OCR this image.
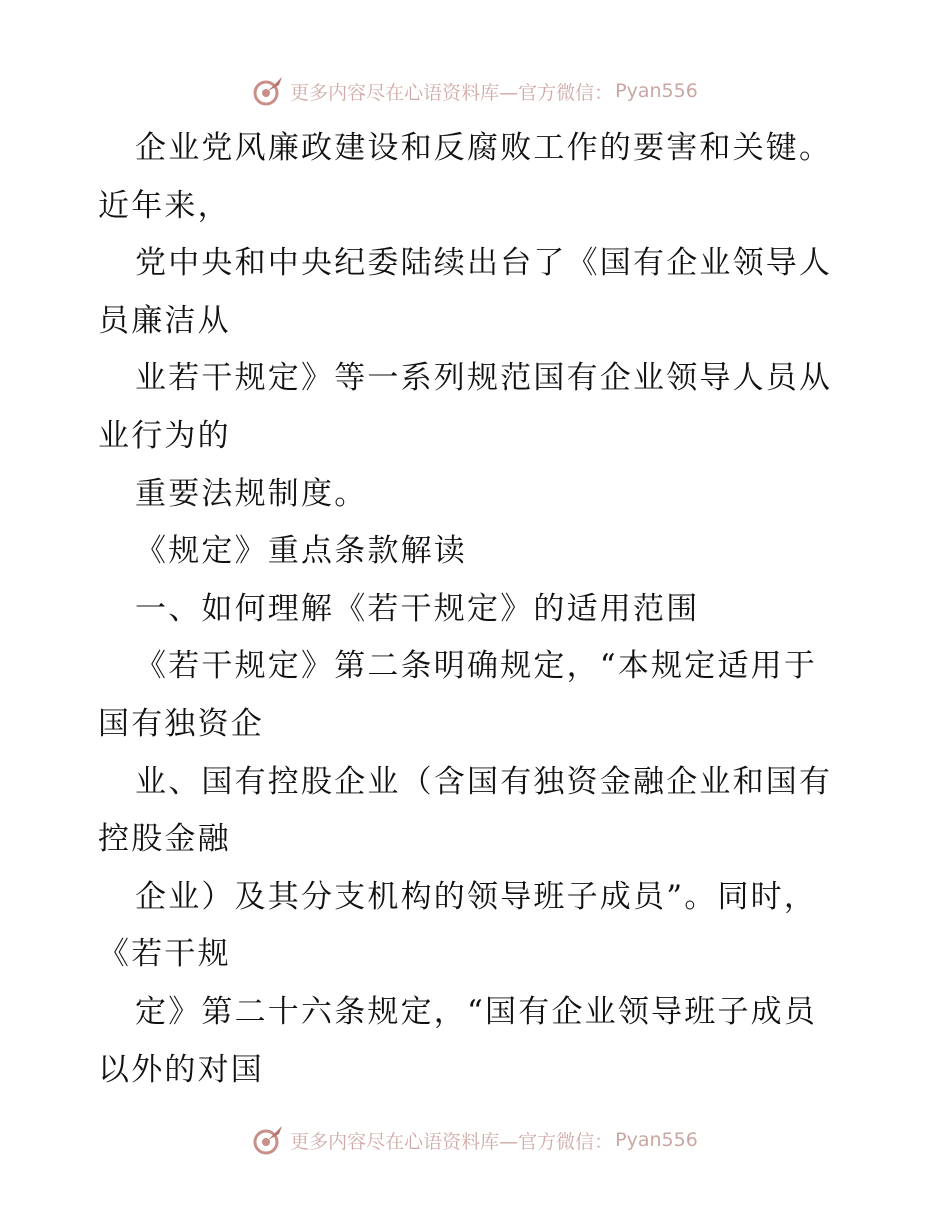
更多内容尽在心语资料库—官方微信： Pyan556
企业党风廉政建设和反腐败工作的要害和关键。
近年来，
党中央和中央纪委陆续出台了《国有企业领导人
员廉洁从
业若干规定》等一系列规范国有企业领导人员从
业行为的
重要法规制度。
《规定》重点条款解读
一、如何理解《若干规定》的适用范围
《若干规定》第二条明确规定，“本规定适用于
国有独资企
业、国有控股企业（含国有独资金融企业和国有
控股金融
企业）及其分支机构的领导班子成员”。同时，
《若干规
定》第二十六条规定，“国有企业领导班子成员
以外的对国
更多内容尽在心语资料库—官方微信： Pyan556
